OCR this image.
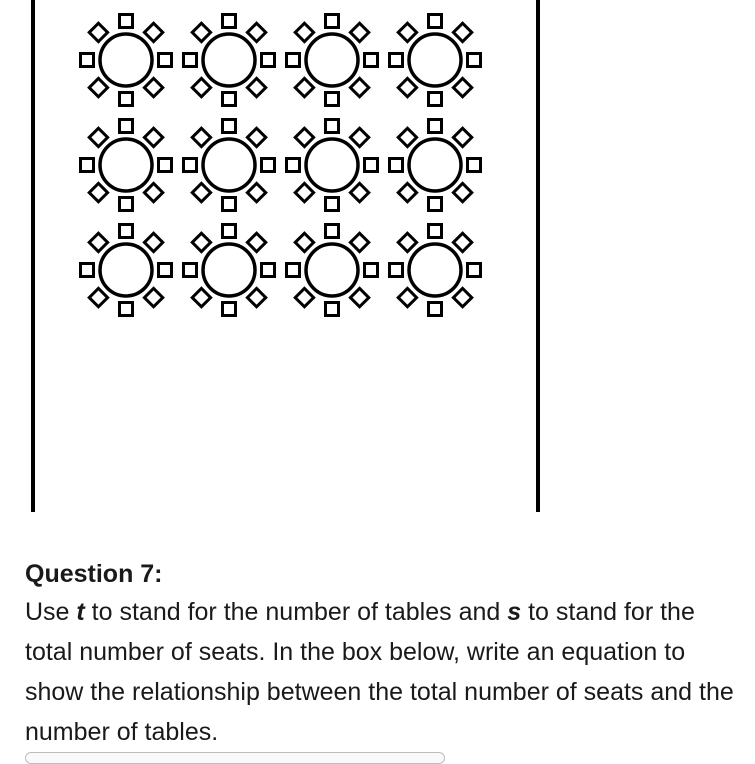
Question 7:

Use t to stand for the number of tables and s to stand for the total number of seats. In the box below, write an equation to show the relationship between the total number of seats and the number of tables.
